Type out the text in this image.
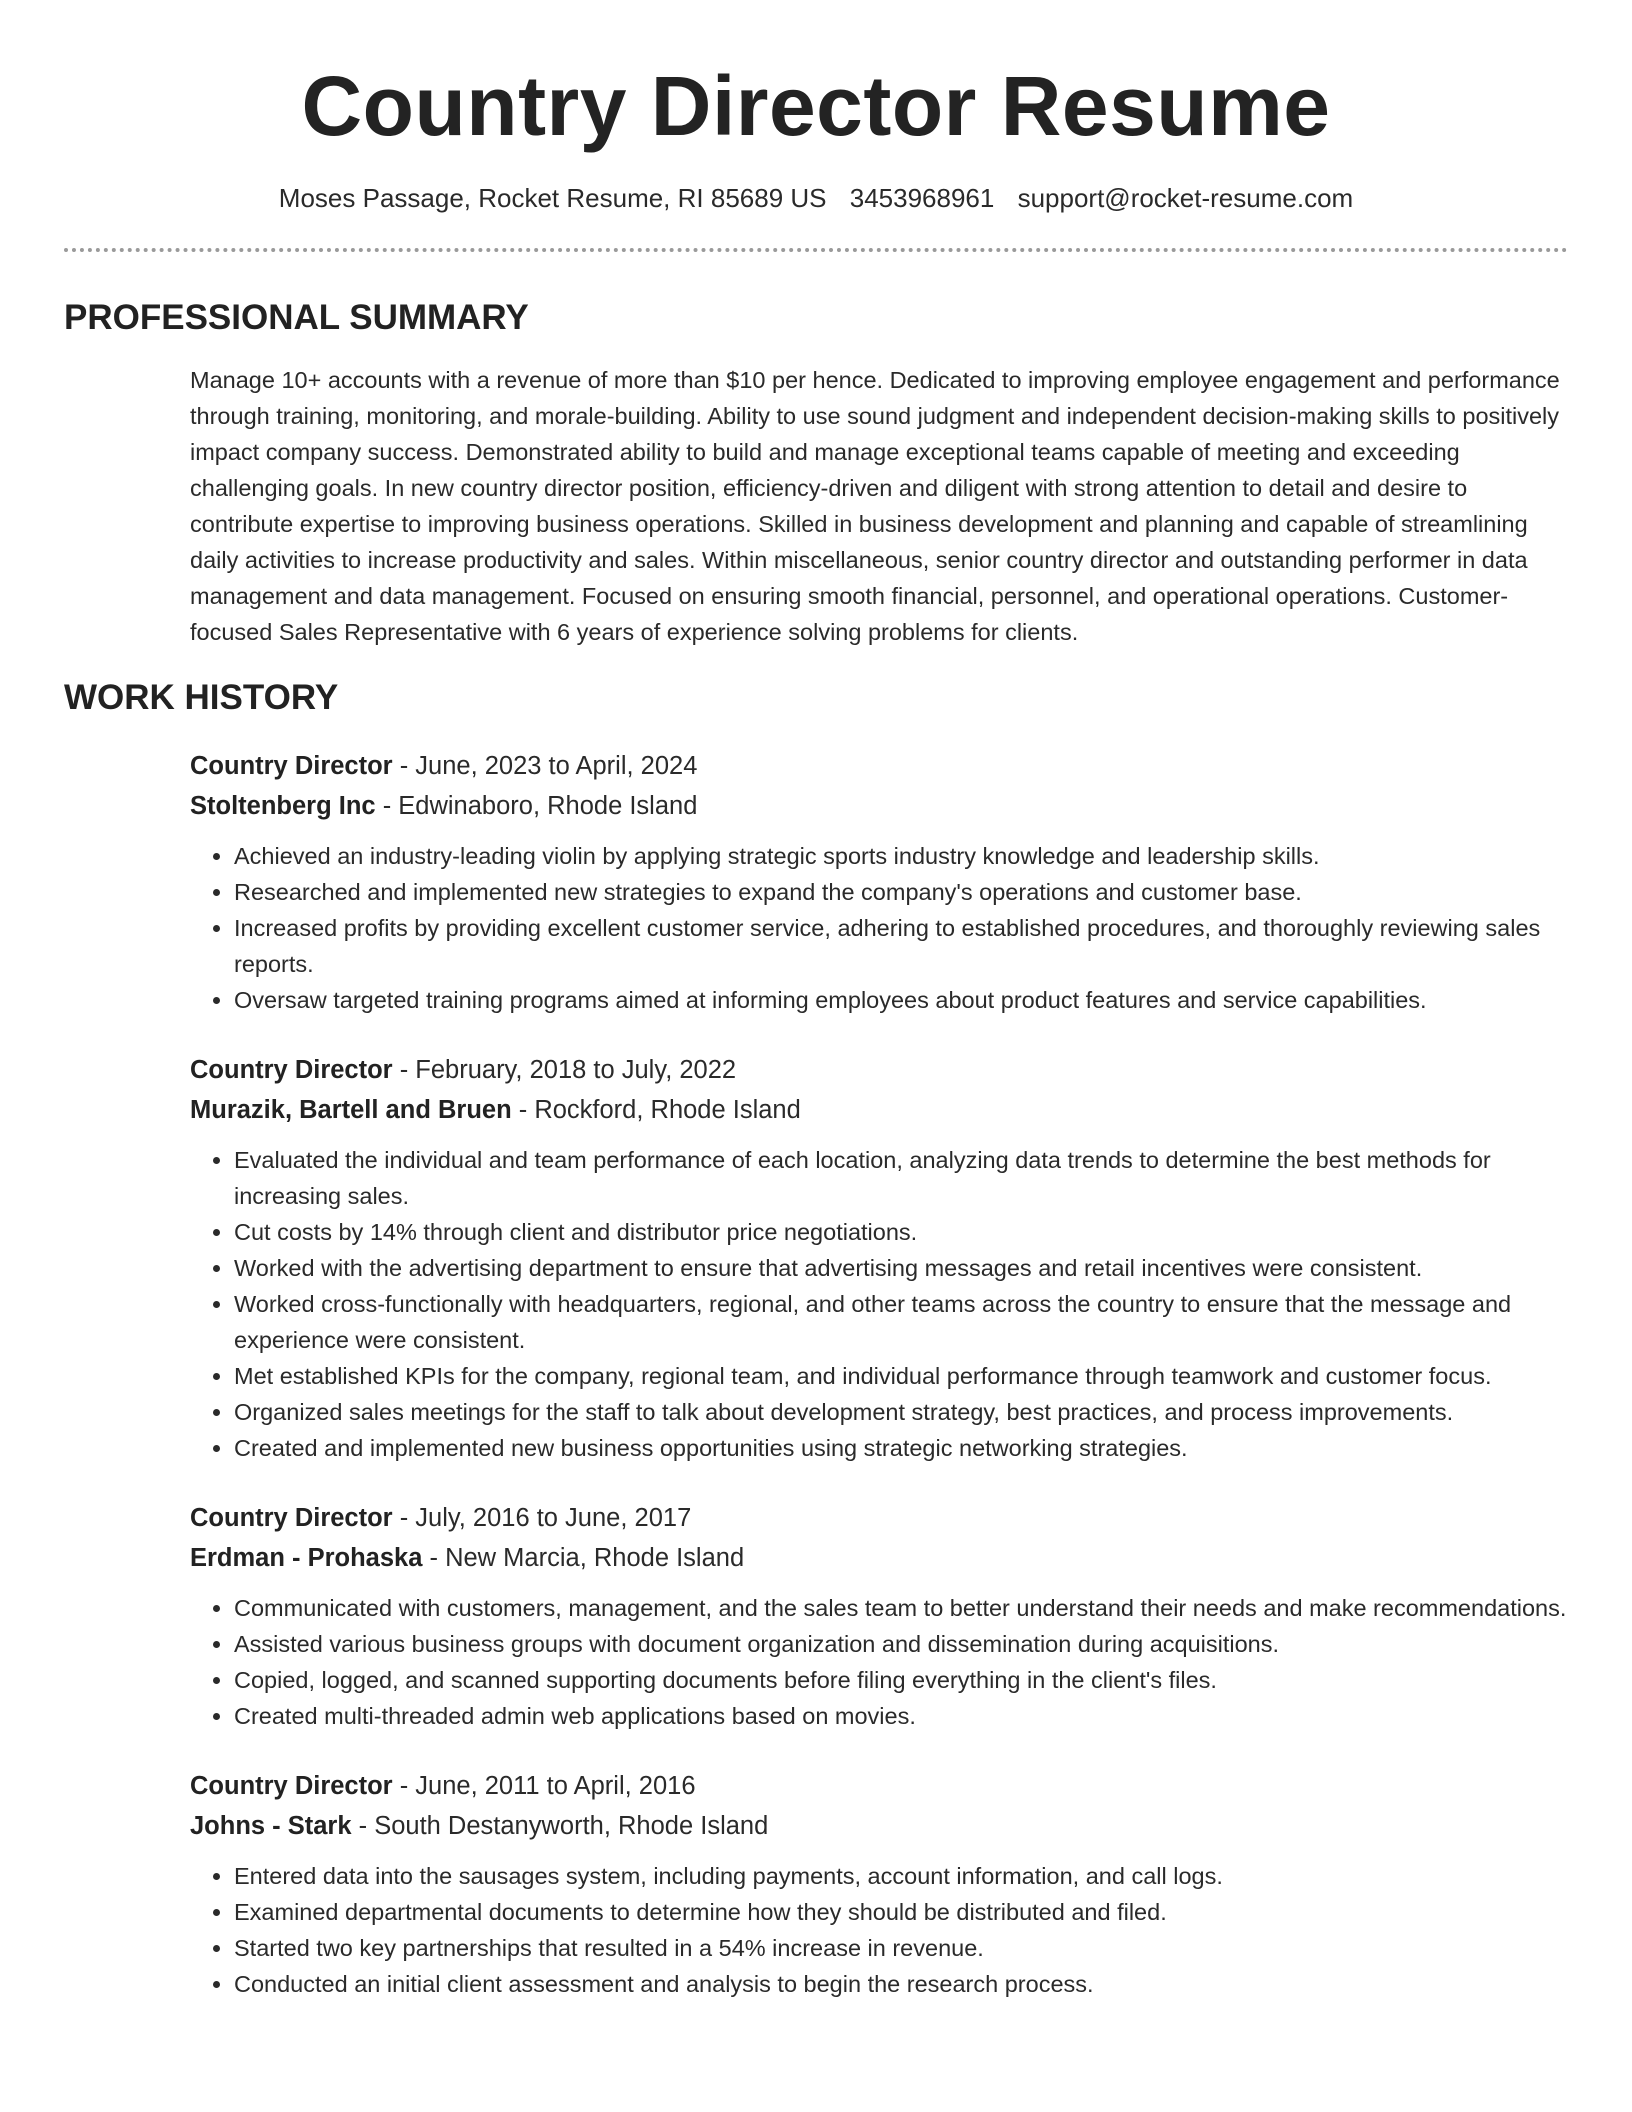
Country Director Resume
Moses Passage, Rocket Resume, RI 85689 US 3453968961 support@rocket-resume.com
PROFESSIONAL SUMMARY

Manage 10+ accounts with a revenue of more than $10 per hence. Dedicated to improving employee engagement and performance through training, monitoring, and morale-building. Ability to use sound judgment and independent decision-making skills to positively impact company success. Demonstrated ability to build and manage exceptional teams capable of meeting and exceeding challenging goals. In new country director position, efficiency-driven and diligent with strong attention to detail and desire to contribute expertise to improving business operations. Skilled in business development and planning and capable of streamlining daily activities to increase productivity and sales. Within miscellaneous, senior country director and outstanding performer in data management and data management. Focused on ensuring smooth financial, personnel, and operational operations. Customer-focused Sales Representative with 6 years of experience solving problems for clients.

WORK HISTORY
Country Director - June, 2023 to April, 2024
Stoltenberg Inc - Edwinaboro, Rhode Island
• Achieved an industry-leading violin by applying strategic sports industry knowledge and leadership skills.
• Researched and implemented new strategies to expand the company's operations and customer base.
• Increased profits by providing excellent customer service, adhering to established procedures, and thoroughly reviewing sales reports.
• Oversaw targeted training programs aimed at informing employees about product features and service capabilities.
Country Director - February, 2018 to July, 2022
Murazik, Bartell and Bruen - Rockford, Rhode Island
• Evaluated the individual and team performance of each location, analyzing data trends to determine the best methods for increasing sales.
• Cut costs by 14% through client and distributor price negotiations.
• Worked with the advertising department to ensure that advertising messages and retail incentives were consistent.
• Worked cross-functionally with headquarters, regional, and other teams across the country to ensure that the message and experience were consistent.
• Met established KPIs for the company, regional team, and individual performance through teamwork and customer focus.
• Organized sales meetings for the staff to talk about development strategy, best practices, and process improvements.
• Created and implemented new business opportunities using strategic networking strategies.
Country Director - July, 2016 to June, 2017
Erdman - Prohaska - New Marcia, Rhode Island
• Communicated with customers, management, and the sales team to better understand their needs and make recommendations.
• Assisted various business groups with document organization and dissemination during acquisitions.
• Copied, logged, and scanned supporting documents before filing everything in the client's files.
• Created multi-threaded admin web applications based on movies.
Country Director - June, 2011 to April, 2016
Johns - Stark - South Destanyworth, Rhode Island
• Entered data into the sausages system, including payments, account information, and call logs.
• Examined departmental documents to determine how they should be distributed and filed.
• Started two key partnerships that resulted in a 54% increase in revenue.
• Conducted an initial client assessment and analysis to begin the research process.
